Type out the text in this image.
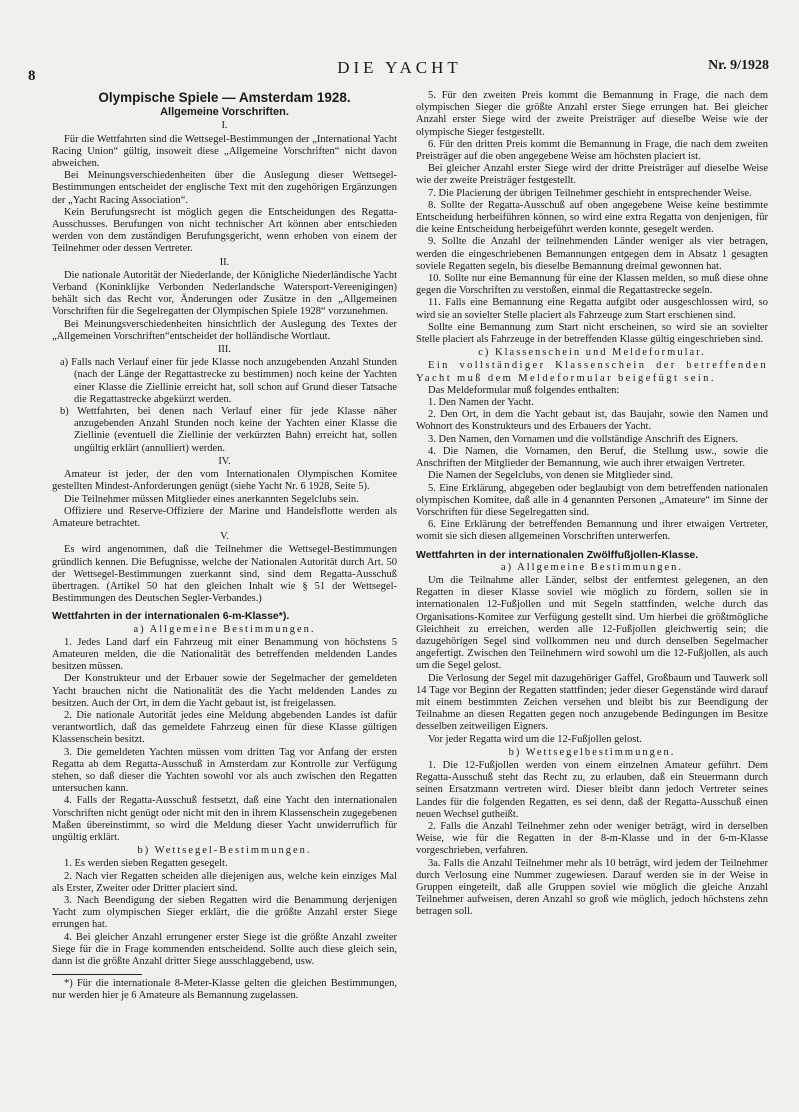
8	DIE YACHT	Nr. 9/1928
Olympische Spiele — Amsterdam 1928.
Allgemeine Vorschriften.
I.

Für die Wettfahrten sind die Wettsegel-Bestimmungen der „International Yacht Racing Union“ gültig, insoweit diese „Allgemeine Vorschriften“ nicht davon abweichen.

Bei Meinungsverschiedenheiten über die Auslegung dieser Wettsegel-Bestimmungen entscheidet der englische Text mit den zugehörigen Ergänzungen der „Yacht Racing Association“.

Kein Berufungsrecht ist möglich gegen die Entscheidungen des Regatta-Ausschusses. Berufungen von nicht technischer Art können aber entschieden werden von dem zuständigen Berufungsgericht, wenn erhoben von einem der Teilnehmer oder dessen Vertreter.

II.

Die nationale Autorität der Niederlande, der Königliche Niederländische Yacht Verband (Koninklijke Verbonden Nederlandsche Watersport-Vereenigingen) behält sich das Recht vor, Änderungen oder Zusätze in den „Allgemeinen Vorschriften für die Segelregatten der Olympischen Spiele 1928“ vorzunehmen.

Bei Meinungsverschiedenheiten hinsichtlich der Auslegung des Textes der „Allgemeinen Vorschriften“entscheidet der holländische Wortlaut.

III.

a) Falls nach Verlauf einer für jede Klasse noch anzugebenden Anzahl Stunden (nach der Länge der Regattastrecke zu bestimmen) noch keine der Yachten einer Klasse die Ziellinie erreicht hat, soll schon auf Grund dieser Tatsache die Regattastrecke abgekürzt werden.

b) Wettfahrten, bei denen nach Verlauf einer für jede Klasse näher anzugebenden Anzahl Stunden noch keine der Yachten einer Klasse die Ziellinie (eventuell die Ziellinie der verkürzten Bahn) erreicht hat, sollen ungültig erklärt (annulliert) werden.

IV.

Amateur ist jeder, der den vom Internationalen Olympischen Komitee gestellten Mindest-Anforderungen genügt (siehe Yacht Nr. 6 1928, Seite 5).

Die Teilnehmer müssen Mitglieder eines anerkannten Segelclubs sein.

Offiziere und Reserve-Offiziere der Marine und Handelsflotte werden als Amateure betrachtet.

V.

Es wird angenommen, daß die Teilnehmer die Wettsegel-Bestimmungen gründlich kennen. Die Befugnisse, welche der Nationalen Autorität durch Art. 50 der Wettsegel-Bestimmungen zuerkannt sind, sind dem Regatta-Ausschuß übertragen. (Artikel 50 hat den gleichen Inhalt wie § 51 der Wettsegel-Bestimmungen des Deutschen Segler-Verbandes.)

Wettfahrten in der internationalen 6-m-Klasse*).
a) Allgemeine Bestimmungen.

1. Jedes Land darf ein Fahrzeug mit einer Benammung von höchstens 5 Amateuren melden, die die Nationalität des betreffenden meldenden Landes besitzen müssen.

Der Konstrukteur und der Erbauer sowie der Segelmacher der gemeldeten Yacht brauchen nicht die Nationalität des die Yacht meldenden Landes zu besitzen. Auch der Ort, in dem die Yacht gebaut ist, ist freigelassen.

2. Die nationale Autorität jedes eine Meldung abgebenden Landes ist dafür verantwortlich, daß das gemeldete Fahrzeug einen für diese Klasse gültigen Klassenschein besitzt.

3. Die gemeldeten Yachten müssen vom dritten Tag vor Anfang der ersten Regatta ab dem Regatta-Ausschuß in Amsterdam zur Kontrolle zur Verfügung stehen, so daß dieser die Yachten sowohl vor als auch zwischen den Regatten untersuchen kann.

4. Falls der Regatta-Ausschuß festsetzt, daß eine Yacht den internationalen Vorschriften nicht genügt oder nicht mit den in ihrem Klassenschein zugegebenen Maßen übereinstimmt, so wird die Meldung dieser Yacht unwiderruflich für ungültig erklärt.

b) Wettsegel-Bestimmungen.

1. Es werden sieben Regatten gesegelt.

2. Nach vier Regatten scheiden alle diejenigen aus, welche kein einziges Mal als Erster, Zweiter oder Dritter placiert sind.

3. Nach Beendigung der sieben Regatten wird die Benammung derjenigen Yacht zum olympischen Sieger erklärt, die die größte Anzahl erster Siege errungen hat.

4. Bei gleicher Anzahl errungener erster Siege ist die größte Anzahl zweiter Siege für die in Frage kommenden entscheidend. Sollte auch diese gleich sein, dann ist die größte Anzahl dritter Siege ausschlaggebend, usw.

*) Für die internationale 8-Meter-Klasse gelten die gleichen Bestimmungen, nur werden hier je 6 Amateure als Bemannung zugelassen.

5. Für den zweiten Preis kommt die Bemannung in Frage, die nach dem olympischen Sieger die größte Anzahl erster Siege errungen hat. Bei gleicher Anzahl erster Siege wird der zweite Preisträger auf dieselbe Weise wie der olympische Sieger festgestellt.

6. Für den dritten Preis kommt die Bemannung in Frage, die nach dem zweiten Preisträger auf die oben angegebene Weise am höchsten placiert ist.

Bei gleicher Anzahl erster Siege wird der dritte Preisträger auf dieselbe Weise wie der zweite Preisträger festgestellt.

7. Die Placierung der übrigen Teilnehmer geschieht in entsprechender Weise.

8. Sollte der Regatta-Ausschuß auf oben angegebene Weise keine bestimmte Entscheidung herbeiführen können, so wird eine extra Regatta von denjenigen, für die keine Entscheidung herbeigeführt werden konnte, gesegelt werden.

9. Sollte die Anzahl der teilnehmenden Länder weniger als vier betragen, werden die eingeschriebenen Bemannungen entgegen dem in Absatz 1 gesagten soviele Regatten segeln, bis dieselbe Bemannung dreimal gewonnen hat.

10. Sollte nur eine Bemannung für eine der Klassen melden, so muß diese ohne gegen die Vorschriften zu verstoßen, einmal die Regattastrecke segeln.

11. Falls eine Bemannung eine Regatta aufgibt oder ausgeschlossen wird, so wird sie an sovielter Stelle placiert als Fahrzeuge zum Start erschienen sind.

Sollte eine Bemannung zum Start nicht erscheinen, so wird sie an sovielter Stelle placiert als Fahrzeuge in der betreffenden Klasse gültig eingeschrieben sind.

c) Klassenschein und Meldeformular.

Ein vollständiger Klassenschein der betreffenden Yacht muß dem Meldeformular beigefügt sein.

Das Meldeformular muß folgendes enthalten:

1. Den Namen der Yacht.

2. Den Ort, in dem die Yacht gebaut ist, das Baujahr, sowie den Namen und Wohnort des Konstrukteurs und des Erbauers der Yacht.

3. Den Namen, den Vornamen und die vollständige Anschrift des Eigners.

4. Die Namen, die Vornamen, den Beruf, die Stellung usw., sowie die Anschriften der Mitglieder der Bemannung, wie auch ihrer etwaigen Vertreter.

Die Namen der Segelclubs, von denen sie Mitglieder sind.

5. Eine Erklärung, abgegeben oder beglaubigt von dem betreffenden nationalen olympischen Komitee, daß alle in 4 genannten Personen „Amateure“ im Sinne der Vorschriften für diese Segelregatten sind.

6. Eine Erklärung der betreffenden Bemannung und ihrer etwaigen Vertreter, womit sie sich diesen allgemeinen Vorschriften unterwerfen.

Wettfahrten in der internationalen Zwölffußjollen-Klasse.
a) Allgemeine Bestimmungen.

Um die Teilnahme aller Länder, selbst der entferntest gelegenen, an den Regatten in dieser Klasse soviel wie möglich zu fördern, sollen sie in internationalen 12-Fußjollen und mit Segeln stattfinden, welche durch das Organisations-Komitee zur Verfügung gestellt sind. Um hierbei die größtmögliche Gleichheit zu erreichen, werden alle 12-Fußjollen gleichwertig sein; die dazugehörigen Segel sind vollkommen neu und durch denselben Segelmacher angefertigt. Zwischen den Teilnehmern wird sowohl um die 12-Fußjollen, als auch um die Segel gelost.

Die Verlosung der Segel mit dazugehöriger Gaffel, Großbaum und Tauwerk soll 14 Tage vor Beginn der Regatten stattfinden; jeder dieser Gegenstände wird darauf mit einem bestimmten Zeichen versehen und bleibt bis zur Beendigung der Teilnahme an diesen Regatten gegen noch anzugebende Bedingungen im Besitze desselben zeitweiligen Eigners.

Vor jeder Regatta wird um die 12-Fußjollen gelost.

b) Wettsegelbestimmungen.

1. Die 12-Fußjollen werden von einem einzelnen Amateur geführt. Dem Regatta-Ausschuß steht das Recht zu, zu erlauben, daß ein Steuermann durch seinen Ersatzmann vertreten wird. Dieser bleibt dann jedoch Vertreter seines Landes für die folgenden Regatten, es sei denn, daß der Regatta-Ausschuß einen neuen Wechsel gutheißt.

2. Falls die Anzahl Teilnehmer zehn oder weniger beträgt, wird in derselben Weise, wie für die Regatten in der 8-m-Klasse und in der 6-m-Klasse vorgeschrieben, verfahren.

3a. Falls die Anzahl Teilnehmer mehr als 10 beträgt, wird jedem der Teilnehmer durch Verlosung eine Nummer zugewiesen. Darauf werden sie in der Weise in Gruppen eingeteilt, daß alle Gruppen soviel wie möglich die gleiche Anzahl Teilnehmer aufweisen, deren Anzahl so groß wie möglich, jedoch höchstens zehn betragen soll.
